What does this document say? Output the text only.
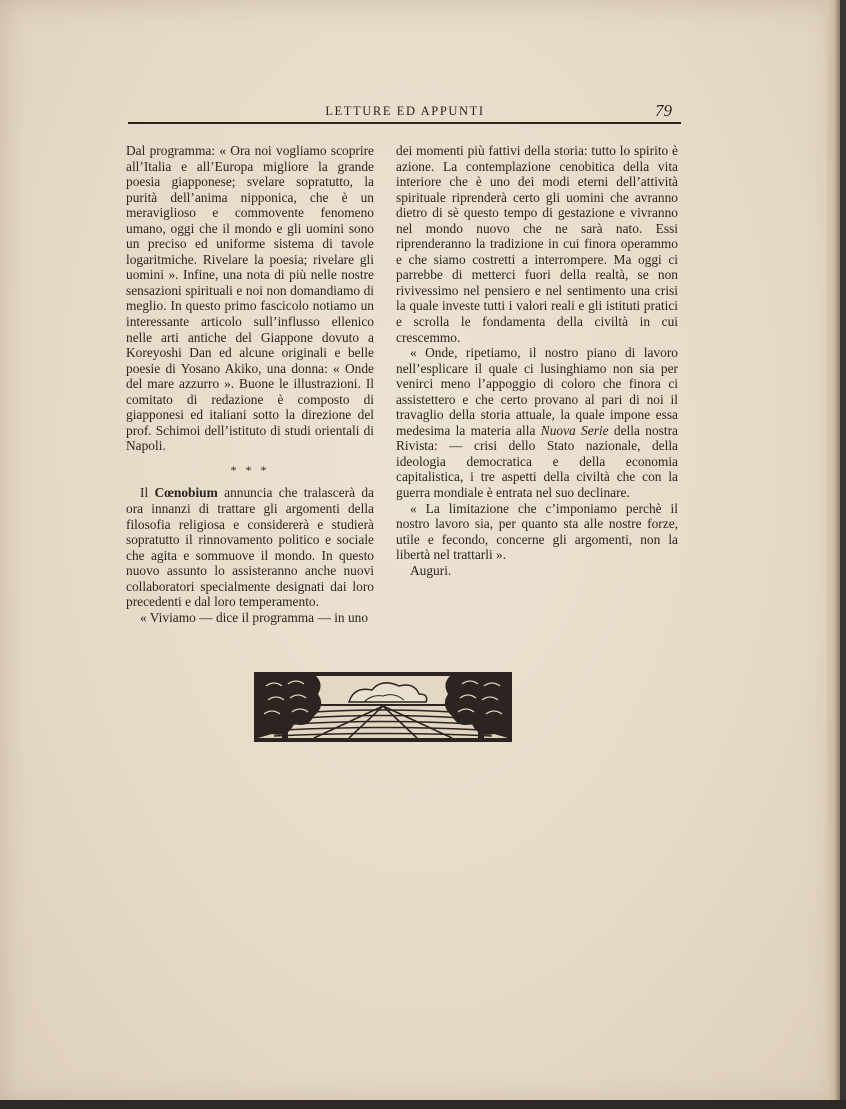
LETTURE ED APPUNTI	79

Dal programma: « Ora noi vogliamo scoprire all’Italia e all’Europa migliore la grande poesia giapponese; svelare sopratutto, la purità dell’anima nipponica, che è un meraviglioso e commovente fenomeno umano, oggi che il mondo e gli uomini sono un preciso ed uniforme sistema di tavole logaritmiche. Rivelare la poesia; rivelare gli uomini ». Infine, una nota di più nelle nostre sensazioni spirituali e noi non domandiamo di meglio. In questo primo fascicolo notiamo un interessante articolo sull’influsso ellenico nelle arti antiche del Giappone dovuto a Koreyoshi Dan ed alcune originali e belle poesie di Yosano Akiko, una donna: « Onde del mare azzurro ». Buone le illustrazioni. Il comitato di redazione è composto di giapponesi ed italiani sotto la direzione del prof. Schimoi dell’istituto di studi orientali di Napoli.

* * *

Il Cœnobium annuncia che tralascerà da ora innanzi di trattare gli argomenti della filosofia religiosa e considererà e studierà sopratutto il rinnovamento politico e sociale che agita e sommuove il mondo. In questo nuovo assunto lo assisteranno anche nuovi collaboratori specialmente designati dai loro precedenti e dal loro temperamento.

« Viviamo — dice il programma — in uno

dei momenti più fattivi della storia: tutto lo spirito è azione. La contemplazione cenobitica della vita interiore che è uno dei modi eterni dell’attività spirituale riprenderà certo gli uomini che avranno dietro di sè questo tempo di gestazione e vivranno nel mondo nuovo che ne sarà nato. Essi riprenderanno la tradizione in cui finora operammo e che siamo costretti a interrompere. Ma oggi ci parrebbe di metterci fuori della realtà, se non rivivessimo nel pensiero e nel sentimento una crisi la quale investe tutti i valori reali e gli istituti pratici e scrolla le fondamenta della civiltà in cui crescemmo.

« Onde, ripetiamo, il nostro piano di lavoro nell’esplicare il quale ci lusinghiamo non sia per venirci meno l’appoggio di coloro che finora ci assistettero e che certo provano al pari di noi il travaglio della storia attuale, la quale impone essa medesima la materia alla Nuova Serie della nostra Rivista: — crisi dello Stato nazionale, della ideologia democratica e della economia capitalistica, i tre aspetti della civiltà che con la guerra mondiale è entrata nel suo declinare.

« La limitazione che c’imponiamo perchè il nostro lavoro sia, per quanto sta alle nostre forze, utile e fecondo, concerne gli argomenti, non la libertà nel trattarli ».

Auguri.
